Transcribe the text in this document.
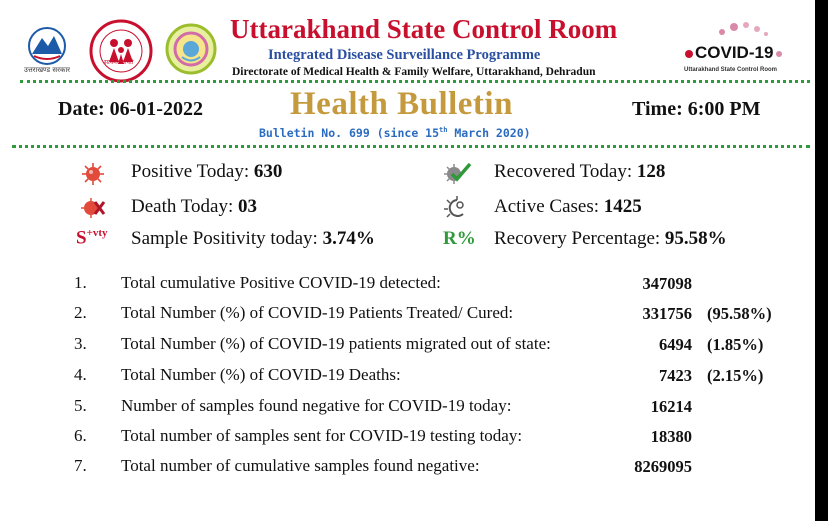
उत्तराखण्ड सरकार
सत्यमेव जयते
Uttarakhand State Control Room
Integrated Disease Surveillance Programme
Directorate of Medical Health & Family Welfare, Uttarakhand, Dehradun
COVID-19
Uttarakhand State Control Room
Date: 06-01-2022	Health Bulletin	Time: 6:00 PM
Bulletin No. 699 (since 15th March 2020)
Positive Today: 630
Death Today: 03
$S^{+vty}$ Sample Positivity today: 3.74%
Recovered Today: 128
Active Cases: 1425
R% Recovery Percentage: 95.58%
1. Total cumulative Positive COVID-19 detected:	347098
2. Total Number (%) of COVID-19 Patients Treated/ Cured:	331756 (95.58%)
3. Total Number (%) of COVID-19 patients migrated out of state:	6494 (1.85%)
4. Total Number (%) of COVID-19 Deaths:	7423 (2.15%)
5. Number of samples found negative for COVID-19 today:	16214
6. Total number of samples sent for COVID-19 testing today:	18380
7. Total number of cumulative samples found negative:	8269095
